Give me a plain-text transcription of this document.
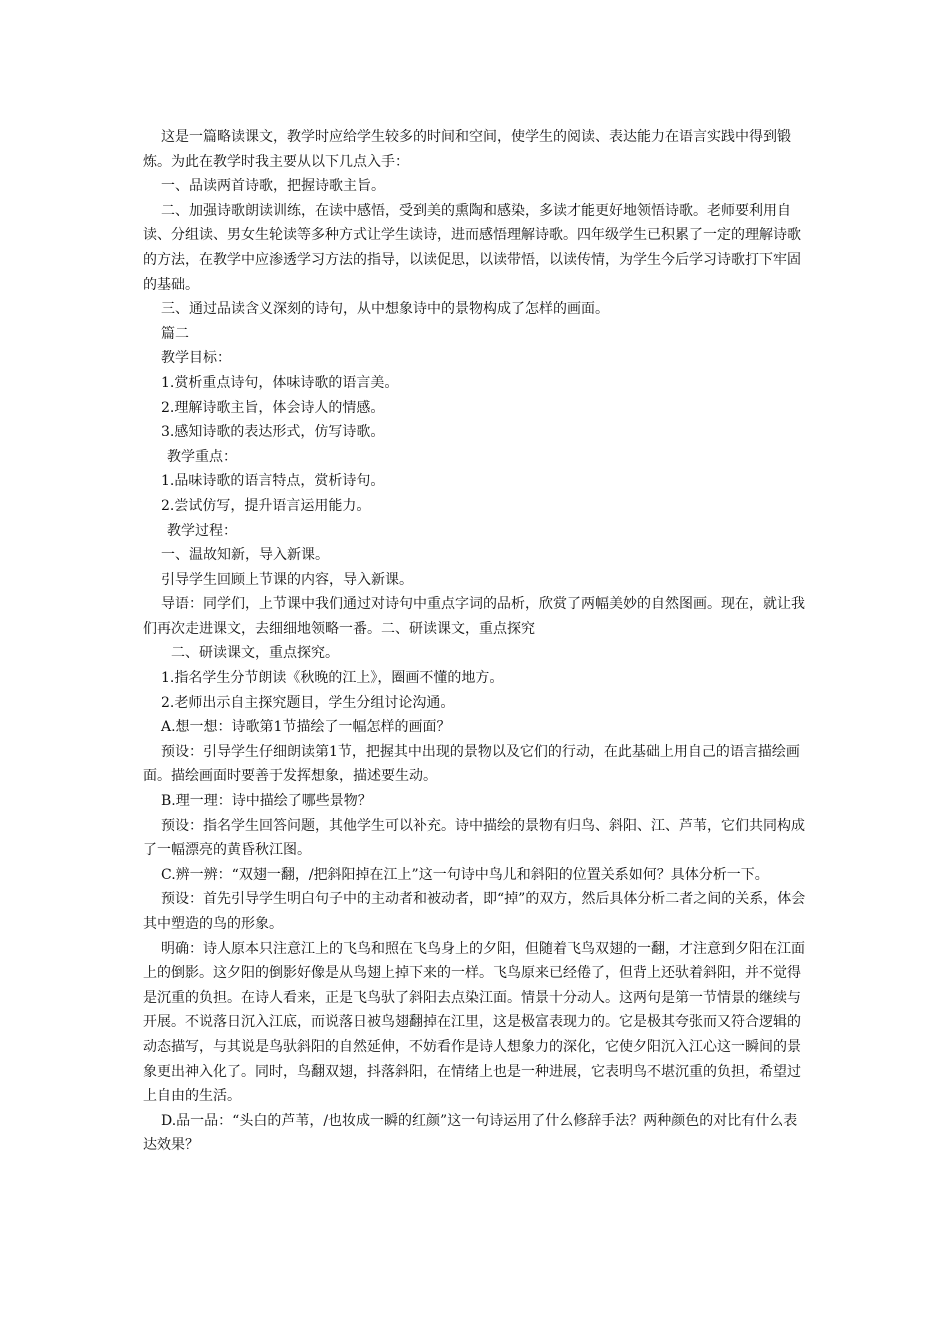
这是一篇略读课文，教学时应给学生较多的时间和空间，使学生的阅读、表达能力在语言实践中得到锻炼。为此在教学时我主要从以下几点入手：

一、品读两首诗歌，把握诗歌主旨。

二、加强诗歌朗读训练，在读中感悟，受到美的熏陶和感染，多读才能更好地领悟诗歌。老师要利用自读、分组读、男女生轮读等多种方式让学生读诗，进而感悟理解诗歌。四年级学生已积累了一定的理解诗歌的方法，在教学中应渗透学习方法的指导，以读促思，以读带悟，以读传情，为学生今后学习诗歌打下牢固的基础。

三、通过品读含义深刻的诗句，从中想象诗中的景物构成了怎样的画面。

篇二

教学目标：

1.赏析重点诗句，体味诗歌的语言美。

2.理解诗歌主旨，体会诗人的情感。

3.感知诗歌的表达形式，仿写诗歌。

教学重点：

1.品味诗歌的语言特点，赏析诗句。

2.尝试仿写，提升语言运用能力。

教学过程：

一、温故知新，导入新课。

引导学生回顾上节课的内容，导入新课。

导语：同学们，上节课中我们通过对诗句中重点字词的品析，欣赏了两幅美妙的自然图画。现在，就让我们再次走进课文，去细细地领略一番。二、研读课文，重点探究

二、研读课文，重点探究。

1.指名学生分节朗读《秋晚的江上》，圈画不懂的地方。

2.老师出示自主探究题目，学生分组讨论沟通。

A.想一想：诗歌第1节描绘了一幅怎样的画面？

预设：引导学生仔细朗读第1节，把握其中出现的景物以及它们的行动，在此基础上用自己的语言描绘画面。描绘画面时要善于发挥想象，描述要生动。

B.理一理：诗中描绘了哪些景物？

预设：指名学生回答问题，其他学生可以补充。诗中描绘的景物有归鸟、斜阳、江、芦苇，它们共同构成了一幅漂亮的黄昏秋江图。

C.辨一辨：“双翅一翻，/把斜阳掉在江上”这一句诗中鸟儿和斜阳的位置关系如何？具体分析一下。

预设：首先引导学生明白句子中的主动者和被动者，即“掉”的双方，然后具体分析二者之间的关系，体会其中塑造的鸟的形象。

明确：诗人原本只注意江上的飞鸟和照在飞鸟身上的夕阳，但随着飞鸟双翅的一翻，才注意到夕阳在江面上的倒影。这夕阳的倒影好像是从鸟翅上掉下来的一样。飞鸟原来已经倦了，但背上还驮着斜阳，并不觉得是沉重的负担。在诗人看来，正是飞鸟驮了斜阳去点染江面。情景十分动人。这两句是第一节情景的继续与开展。不说落日沉入江底，而说落日被鸟翅翻掉在江里，这是极富表现力的。它是极其夸张而又符合逻辑的动态描写，与其说是鸟驮斜阳的自然延伸，不妨看作是诗人想象力的深化，它使夕阳沉入江心这一瞬间的景象更出神入化了。同时，鸟翻双翅，抖落斜阳，在情绪上也是一种进展，它表明鸟不堪沉重的负担，希望过上自由的生活。

D.品一品：“头白的芦苇，/也妆成一瞬的红颜”这一句诗运用了什么修辞手法？两种颜色的对比有什么表达效果？
